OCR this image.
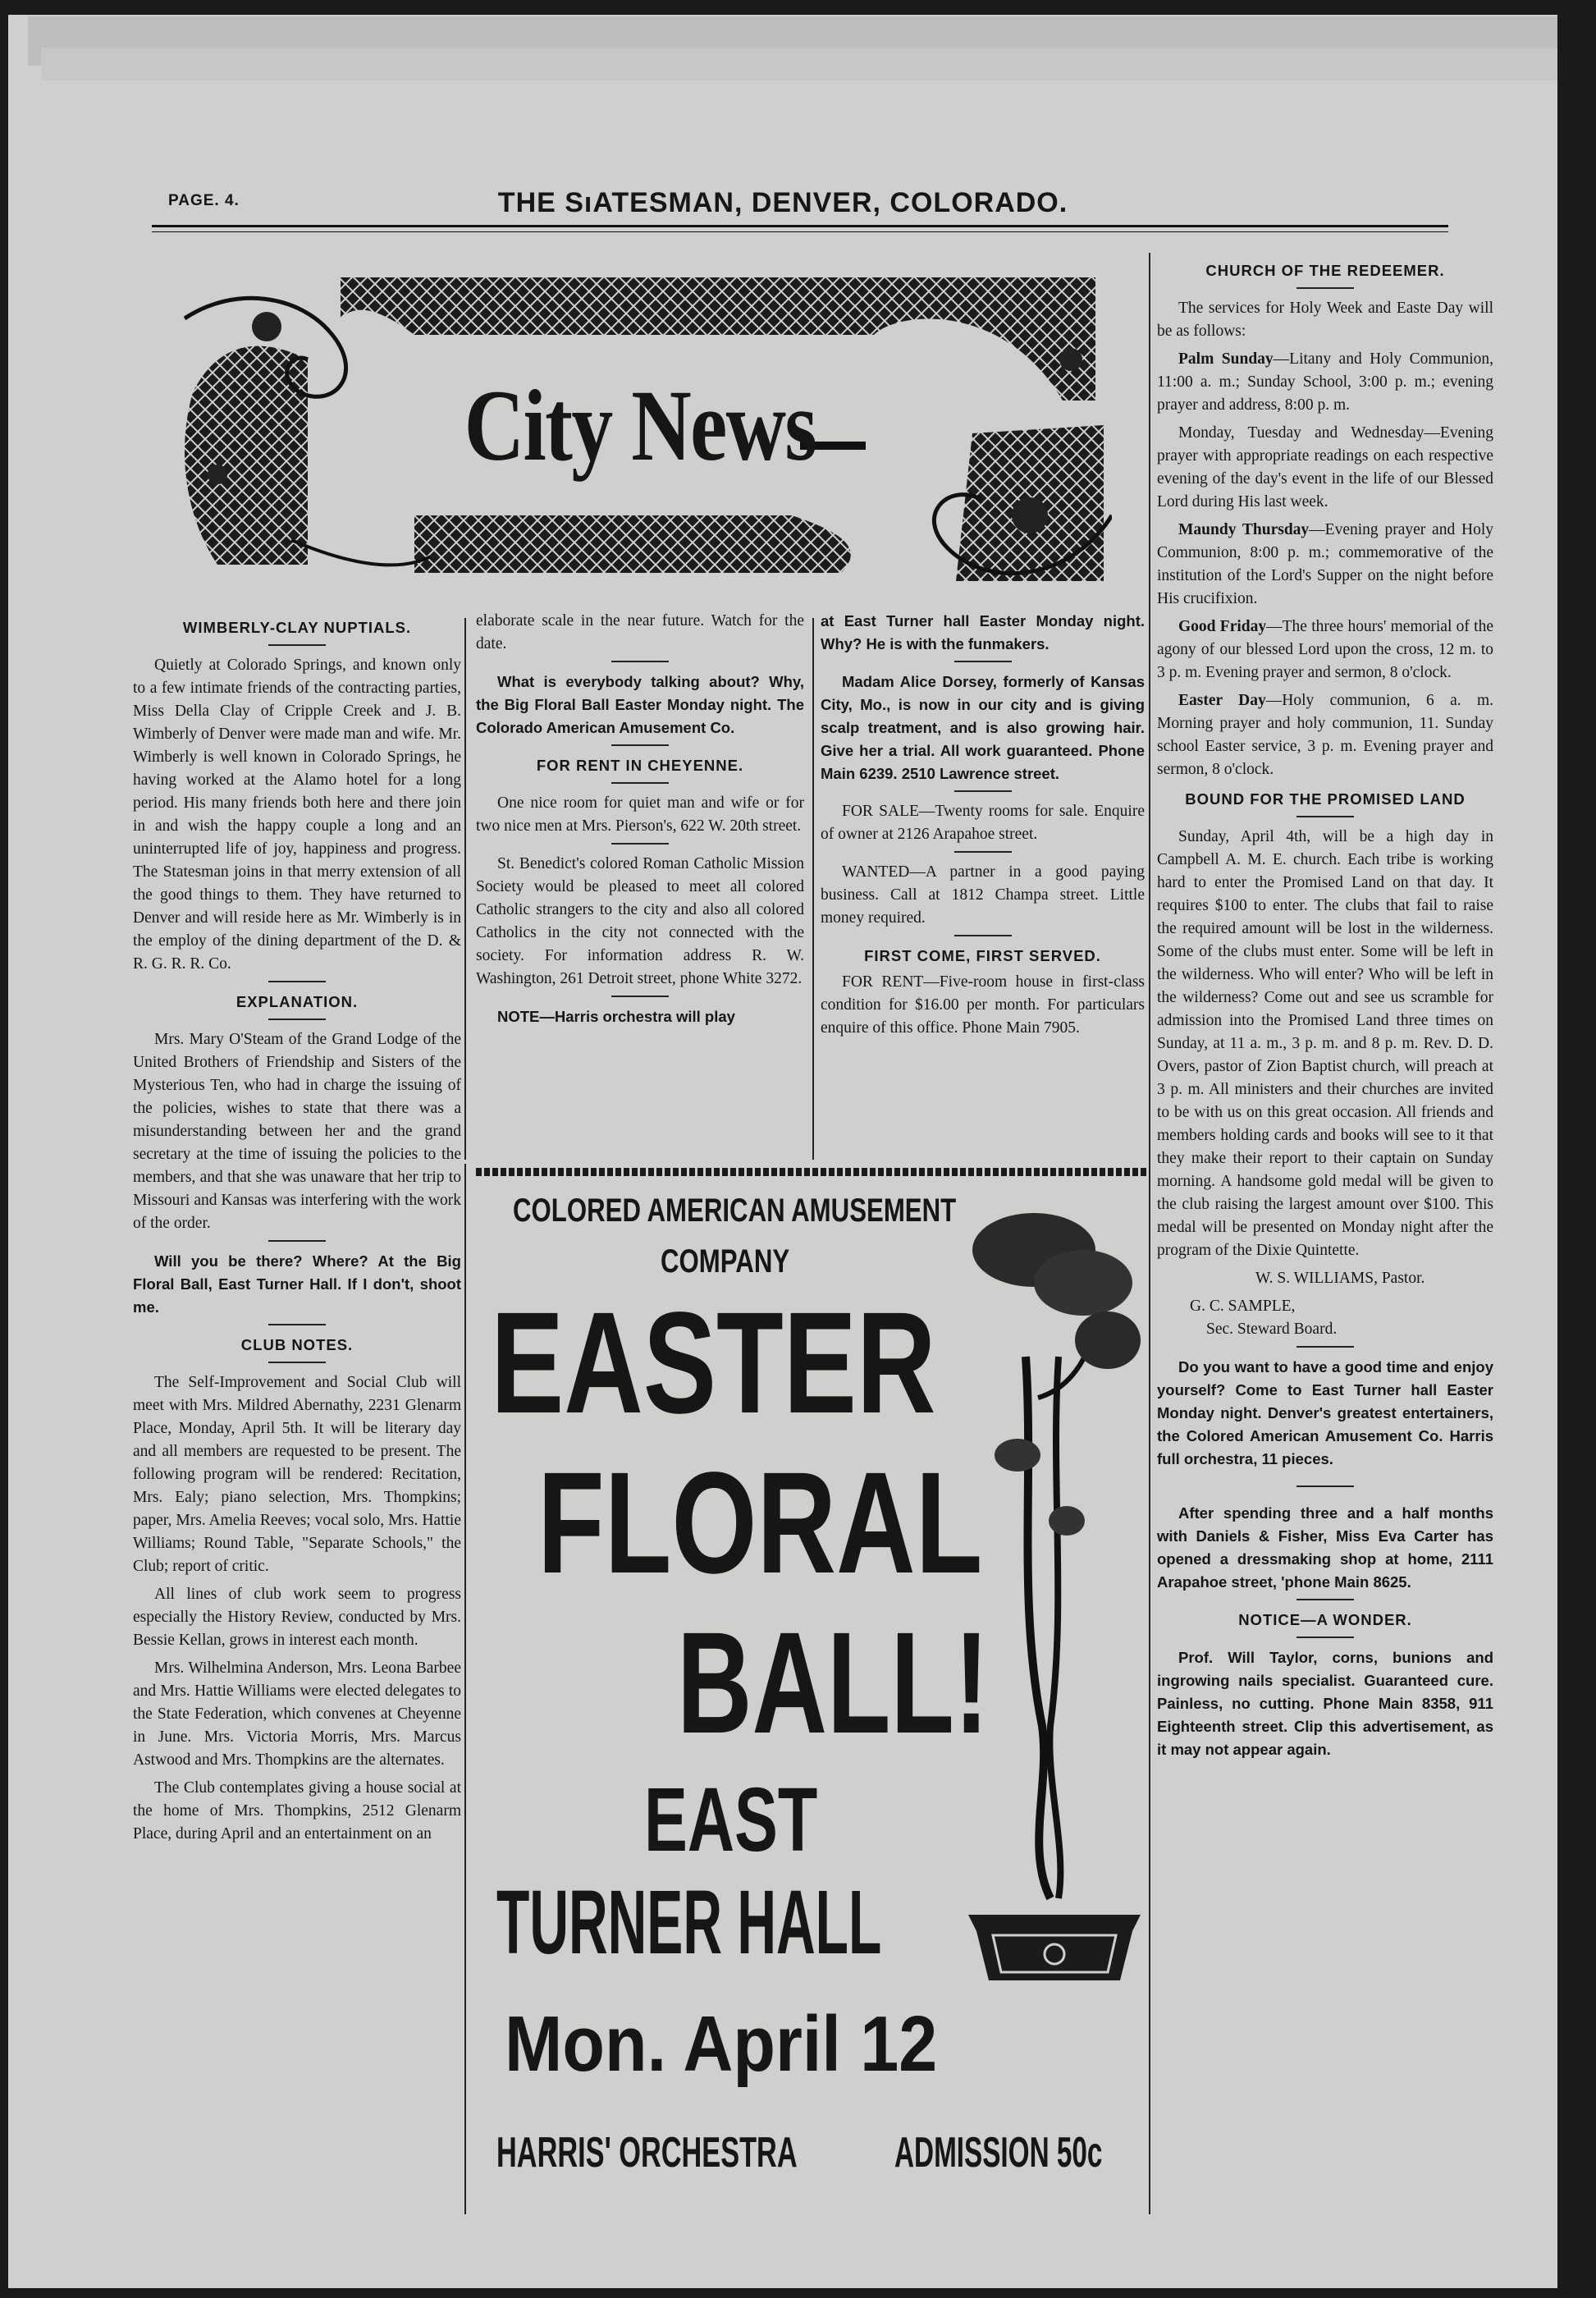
PAGE. 4.	THE SıATESMAN, DENVER, COLORADO.
City News
WIMBERLY-CLAY NUPTIALS.

Quietly at Colorado Springs, and known only to a few intimate friends of the contracting parties, Miss Della Clay of Cripple Creek and J. B. Wimberly of Denver were made man and wife. Mr. Wimberly is well known in Colorado Springs, he having worked at the Alamo hotel for a long period. His many friends both here and there join in and wish the happy couple a long and an uninterrupted life of joy, happiness and progress. The Statesman joins in that merry extension of all the good things to them. They have returned to Denver and will reside here as Mr. Wimberly is in the employ of the dining department of the D. & R. G. R. R. Co.

EXPLANATION.

Mrs. Mary O'Steam of the Grand Lodge of the United Brothers of Friendship and Sisters of the Mysterious Ten, who had in charge the issuing of the policies, wishes to state that there was a misunderstanding between her and the grand secretary at the time of issuing the policies to the members, and that she was unaware that her trip to Missouri and Kansas was interfering with the work of the order.

Will you be there? Where? At the Big Floral Ball, East Turner Hall. If I don't, shoot me.

CLUB NOTES.

The Self-Improvement and Social Club will meet with Mrs. Mildred Abernathy, 2231 Glenarm Place, Monday, April 5th. It will be literary day and all members are requested to be present. The following program will be rendered: Recitation, Mrs. Ealy; piano selection, Mrs. Thompkins; paper, Mrs. Amelia Reeves; vocal solo, Mrs. Hattie Williams; Round Table, "Separate Schools," the Club; report of critic.

All lines of club work seem to progress especially the History Review, conducted by Mrs. Bessie Kellan, grows in interest each month.

Mrs. Wilhelmina Anderson, Mrs. Leona Barbee and Mrs. Hattie Williams were elected delegates to the State Federation, which convenes at Cheyenne in June. Mrs. Victoria Morris, Mrs. Marcus Astwood and Mrs. Thompkins are the alternates.

The Club contemplates giving a house social at the home of Mrs. Thompkins, 2512 Glenarm Place, during April and an entertainment on an

elaborate scale in the near future. Watch for the date.

What is everybody talking about? Why, the Big Floral Ball Easter Monday night. The Colorado American Amusement Co.

FOR RENT IN CHEYENNE.

One nice room for quiet man and wife or for two nice men at Mrs. Pierson's, 622 W. 20th street.

St. Benedict's colored Roman Catholic Mission Society would be pleased to meet all colored Catholic strangers to the city and also all colored Catholics in the city not connected with the society. For information address R. W. Washington, 261 Detroit street, phone White 3272.

NOTE—Harris orchestra will play

at East Turner hall Easter Monday night. Why? He is with the funmakers.

Madam Alice Dorsey, formerly of Kansas City, Mo., is now in our city and is giving scalp treatment, and is also growing hair. Give her a trial. All work guaranteed. Phone Main 6239. 2510 Lawrence street.

FOR SALE—Twenty rooms for sale. Enquire of owner at 2126 Arapahoe street.

WANTED—A partner in a good paying business. Call at 1812 Champa street. Little money required.

FIRST COME, FIRST SERVED.

FOR RENT—Five-room house in first-class condition for $16.00 per month. For particulars enquire of this office. Phone Main 7905.

CHURCH OF THE REDEEMER.

The services for Holy Week and Easte Day will be as follows:

Palm Sunday—Litany and Holy Communion, 11:00 a. m.; Sunday School, 3:00 p. m.; evening prayer and address, 8:00 p. m.

Monday, Tuesday and Wednesday—Evening prayer with appropriate readings on each respective evening of the day's event in the life of our Blessed Lord during His last week.

Maundy Thursday—Evening prayer and Holy Communion, 8:00 p. m.; commemorative of the institution of the Lord's Supper on the night before His crucifixion.

Good Friday—The three hours' memorial of the agony of our blessed Lord upon the cross, 12 m. to 3 p. m. Evening prayer and sermon, 8 o'clock.

Easter Day—Holy communion, 6 a. m. Morning prayer and holy communion, 11. Sunday school Easter service, 3 p. m. Evening prayer and sermon, 8 o'clock.

BOUND FOR THE PROMISED LAND

Sunday, April 4th, will be a high day in Campbell A. M. E. church. Each tribe is working hard to enter the Promised Land on that day. It requires $100 to enter. The clubs that fail to raise the required amount will be lost in the wilderness. Some of the clubs must enter. Some will be left in the wilderness. Who will enter? Who will be left in the wilderness? Come out and see us scramble for admission into the Promised Land three times on Sunday, at 11 a. m., 3 p. m. and 8 p. m. Rev. D. D. Overs, pastor of Zion Baptist church, will preach at 3 p. m. All ministers and their churches are invited to be with us on this great occasion. All friends and members holding cards and books will see to it that they make their report to their captain on Sunday morning. A handsome gold medal will be given to the club raising the largest amount over $100. This medal will be presented on Monday night after the program of the Dixie Quintette.

W. S. WILLIAMS, Pastor.

G. C. SAMPLE,

Sec. Steward Board.

Do you want to have a good time and enjoy yourself? Come to East Turner hall Easter Monday night. Denver's greatest entertainers, the Colored American Amusement Co. Harris full orchestra, 11 pieces.

After spending three and a half months with Daniels & Fisher, Miss Eva Carter has opened a dressmaking shop at home, 2111 Arapahoe street, 'phone Main 8625.

NOTICE—A WONDER.

Prof. Will Taylor, corns, bunions and ingrowing nails specialist. Guaranteed cure. Painless, no cutting. Phone Main 8358, 911 Eighteenth street. Clip this advertisement, as it may not appear again.

COLORED AMERICAN AMUSEMENT
COMPANY
EASTER
FLORAL
BALL!
EAST
TURNER HALL
Mon. April 12
HARRIS' ORCHESTRA ADMISSION 50c
